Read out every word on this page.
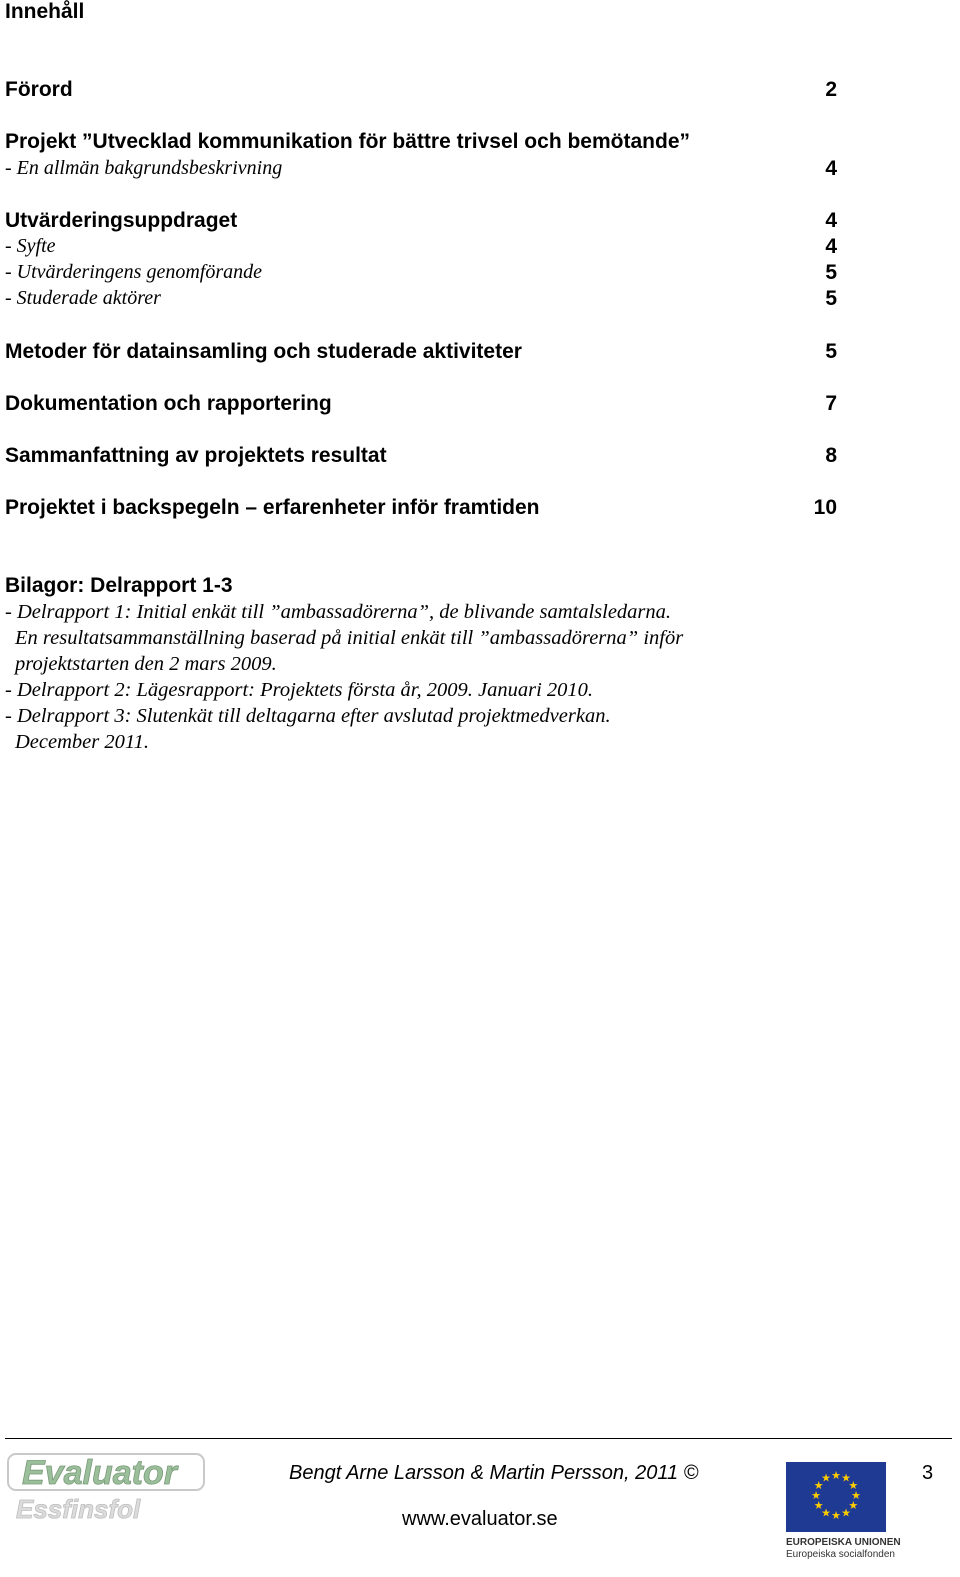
Innehåll
Förord	2
Projekt ”Utvecklad kommunikation för bättre trivsel och bemötande”
- En allmän bakgrundsbeskrivning	4
Utvärderingsuppdraget	4
- Syfte	4
- Utvärderingens genomförande	5
- Studerade aktörer	5
Metoder för datainsamling och studerade aktiviteter	5
Dokumentation och rapportering	7
Sammanfattning av projektets resultat	8
Projektet i backspegeln – erfarenheter inför framtiden	10
Bilagor: Delrapport 1-3
- Delrapport 1: Initial enkät till ”ambassadörerna”, de blivande samtalsledarna.
En resultatsammanställning baserad på initial enkät till ”ambassadörerna” inför
projektstarten den 2 mars 2009.
- Delrapport 2: Lägesrapport: Projektets första år, 2009. Januari 2010.
- Delrapport 3: Slutenkät till deltagarna efter avslutad projektmedverkan.
December 2011.
Evaluator
Essfinsfol
Bengt Arne Larsson & Martin Persson, 2011 ©
www.evaluator.se
★ ★
★
★
★
★
★
★
★
★
★
★
EUROPEISKA UNIONEN
Europeiska socialfonden
3
